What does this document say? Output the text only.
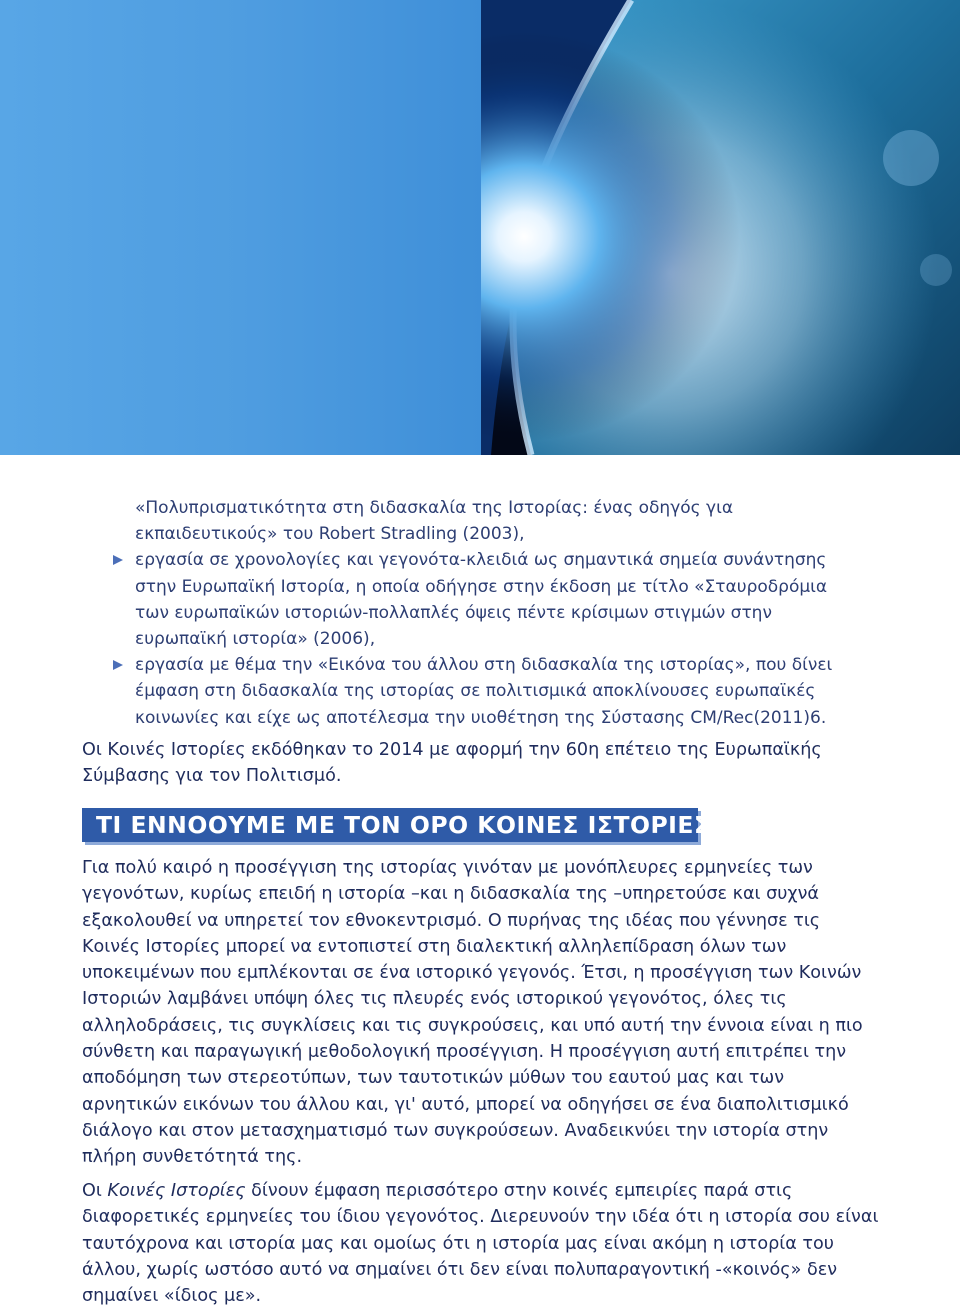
«Πολυπρισματικότητα στη διδασκαλία της Ιστορίας: ένας οδηγός για εκπαιδευτικούς» του Robert Stradling (2003),

εργασία σε χρονολογίες και γεγονότα-κλειδιά ως σημαντικά σημεία συνάντησης στην Ευρωπαϊκή Ιστορία, η οποία οδήγησε στην έκδοση με τίτλο «Σταυροδρόμια των ευρωπαϊκών ιστοριών-πολλαπλές όψεις πέντε κρίσιμων στιγμών στην ευρωπαϊκή ιστορία» (2006),

εργασία με θέμα την «Εικόνα του άλλου στη διδασκαλία της ιστορίας», που δίνει έμφαση στη διδασκαλία της ιστορίας σε πολιτισμικά αποκλίνουσες ευρωπαϊκές κοινωνίες και είχε ως αποτέλεσμα την υιοθέτηση της Σύστασης CM/Rec(2011)6.

Οι Κοινές Ιστορίες εκδόθηκαν το 2014 με αφορμή την 60η επέτειο της Ευρωπαϊκής Σύμβασης για τον Πολιτισμό.

ΤΙ ΕΝΝΟΟΥΜΕ ΜΕ ΤΟΝ ΟΡΟ ΚΟΙΝΕΣ ΙΣΤΟΡΙΕΣ;

Για πολύ καιρό η προσέγγιση της ιστορίας γινόταν με μονόπλευρες ερμηνείες των γεγονότων, κυρίως επειδή η ιστορία –και η διδασκαλία της –υπηρετούσε και συχνά εξακολουθεί να υπηρετεί τον εθνοκεντρισμό. Ο πυρήνας της ιδέας που γέννησε τις Κοινές Ιστορίες μπορεί να εντοπιστεί στη διαλεκτική αλληλεπίδραση όλων των υποκειμένων που εμπλέκονται σε ένα ιστορικό γεγονός. Έτσι, η προσέγγιση των Κοινών Ιστοριών λαμβάνει υπόψη όλες τις πλευρές ενός ιστορικού γεγονότος, όλες τις αλληλοδράσεις, τις συγκλίσεις και τις συγκρούσεις, και υπό αυτή την έννοια είναι η πιο σύνθετη και παραγωγική μεθοδολογική προσέγγιση. Η προσέγγιση αυτή επιτρέπει την αποδόμηση των στερεοτύπων, των ταυτοτικών μύθων του εαυτού μας και των αρνητικών εικόνων του άλλου και, γι' αυτό, μπορεί να οδηγήσει σε ένα διαπολιτισμικό διάλογο και στον μετασχηματισμό των συγκρούσεων. Αναδεικνύει την ιστορία στην πλήρη συνθετότητά της.

Οι Κοινές Ιστορίες δίνουν έμφαση περισσότερο στην κοινές εμπειρίες παρά στις διαφορετικές ερμηνείες του ίδιου γεγονότος. Διερευνούν την ιδέα ότι η ιστορία σου είναι ταυτόχρονα και ιστορία μας και ομοίως ότι η ιστορία μας είναι ακόμη η ιστορία του άλλου, χωρίς ωστόσο αυτό να σημαίνει ότι δεν είναι πολυπαραγοντική -«κοινός» δεν σημαίνει «ίδιος με».
